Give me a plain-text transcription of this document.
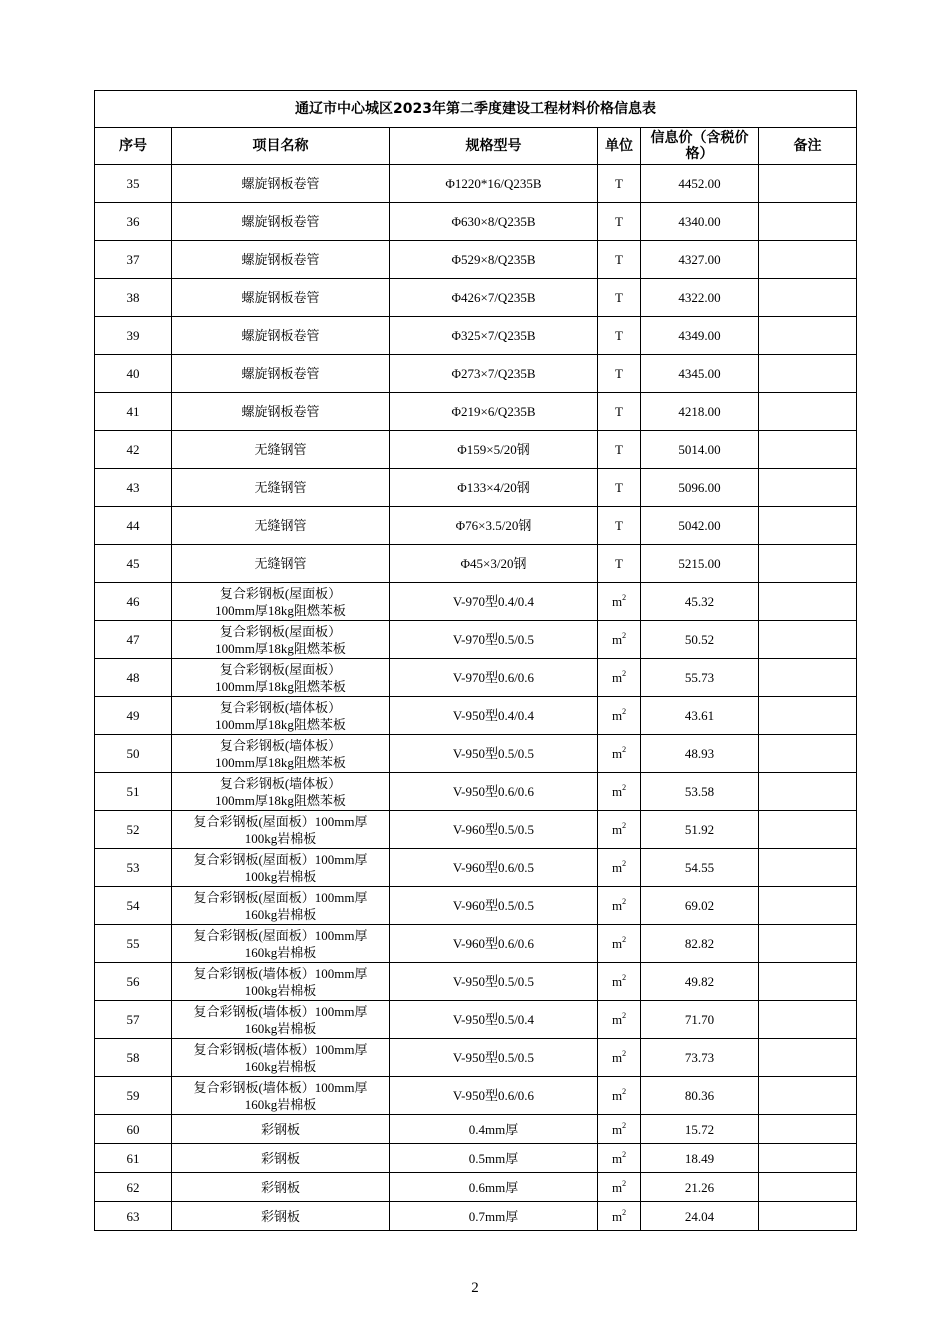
通辽市中心城区2023年第二季度建设工程材料价格信息表					
序号	项目名称	规格型号	单位	信息价（含税价格）	备注
35	螺旋钢板卷管	Φ1220*16/Q235B	T	4452.00	
36	螺旋钢板卷管	Φ630×8/Q235B	T	4340.00	
37	螺旋钢板卷管	Φ529×8/Q235B	T	4327.00	
38	螺旋钢板卷管	Φ426×7/Q235B	T	4322.00	
39	螺旋钢板卷管	Φ325×7/Q235B	T	4349.00	
40	螺旋钢板卷管	Φ273×7/Q235B	T	4345.00	
41	螺旋钢板卷管	Φ219×6/Q235B	T	4218.00	
42	无缝钢管	Φ159×5/20钢	T	5014.00	
43	无缝钢管	Φ133×4/20钢	T	5096.00	
44	无缝钢管	Φ76×3.5/20钢	T	5042.00	
45	无缝钢管	Φ45×3/20钢	T	5215.00	
46	复合彩钢板(屋面板）
100mm厚18kg阻燃苯板	V-970型0.4/0.4	$m^2$	45.32	
47	复合彩钢板(屋面板）
100mm厚18kg阻燃苯板	V-970型0.5/0.5	$m^2$	50.52	
48	复合彩钢板(屋面板）
100mm厚18kg阻燃苯板	V-970型0.6/0.6	$m^2$	55.73	
49	复合彩钢板(墙体板）
100mm厚18kg阻燃苯板	V-950型0.4/0.4	$m^2$	43.61	
50	复合彩钢板(墙体板）
100mm厚18kg阻燃苯板	V-950型0.5/0.5	$m^2$	48.93	
51	复合彩钢板(墙体板）
100mm厚18kg阻燃苯板	V-950型0.6/0.6	$m^2$	53.58	
52	复合彩钢板(屋面板）100mm厚
100kg岩棉板	V-960型0.5/0.5	$m^2$	51.92	
53	复合彩钢板(屋面板）100mm厚
100kg岩棉板	V-960型0.6/0.5	$m^2$	54.55	
54	复合彩钢板(屋面板）100mm厚
160kg岩棉板	V-960型0.5/0.5	$m^2$	69.02	
55	复合彩钢板(屋面板）100mm厚
160kg岩棉板	V-960型0.6/0.6	$m^2$	82.82	
56	复合彩钢板(墙体板）100mm厚
100kg岩棉板	V-950型0.5/0.5	$m^2$	49.82	
57	复合彩钢板(墙体板）100mm厚
160kg岩棉板	V-950型0.5/0.4	$m^2$	71.70	
58	复合彩钢板(墙体板）100mm厚
160kg岩棉板	V-950型0.5/0.5	$m^2$	73.73	
59	复合彩钢板(墙体板）100mm厚
160kg岩棉板	V-950型0.6/0.6	$m^2$	80.36	
60	彩钢板	0.4mm厚	$m^2$	15.72	
61	彩钢板	0.5mm厚	$m^2$	18.49	
62	彩钢板	0.6mm厚	$m^2$	21.26	
63	彩钢板	0.7mm厚	$m^2$	24.04	
2
